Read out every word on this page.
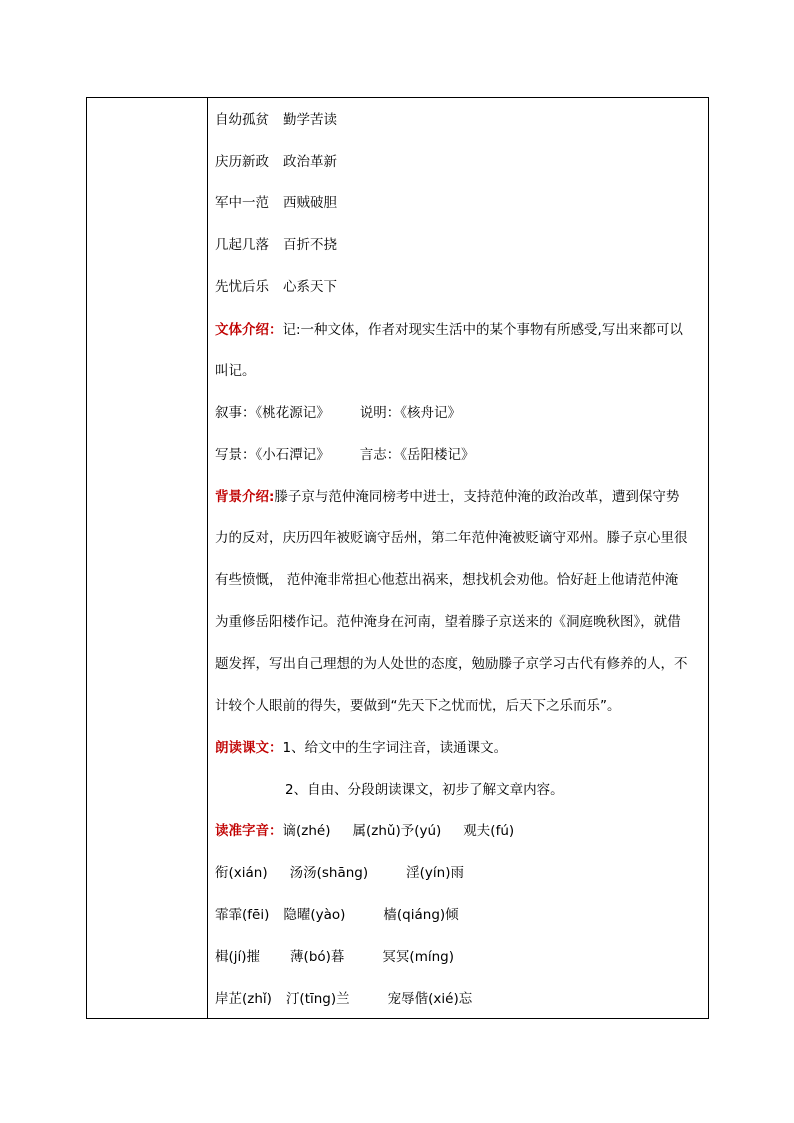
自幼孤贫 勤学苦读
庆历新政 政治革新
军中一范 西贼破胆
几起几落 百折不挠
先忧后乐 心系天下
文体介绍：记:一种文体，作者对现实生活中的某个事物有所感受,写出来都可以
叫记。
叙事：《桃花源记》 说明：《核舟记》
写景：《小石潭记》 言志：《岳阳楼记》
背景介绍:滕子京与范仲淹同榜考中进士，支持范仲淹的政治改革，遭到保守势
力的反对，庆历四年被贬谪守岳州，第二年范仲淹被贬谪守邓州。滕子京心里很
有些愤慨， 范仲淹非常担心他惹出祸来，想找机会劝他。恰好赶上他请范仲淹
为重修岳阳楼作记。范仲淹身在河南，望着滕子京送来的《洞庭晚秋图》，就借
题发挥，写出自己理想的为人处世的态度，勉励滕子京学习古代有修养的人，不
计较个人眼前的得失，要做到“先天下之忧而忧，后天下之乐而乐”。
朗读课文：1、给文中的生字词注音，读通课文。
2、自由、分段朗读课文，初步了解文章内容。
读准字音：谪(zhé) 属(zhǔ)予(yú) 观夫(fú)
衔(xián) 汤汤(shāng)	淫(yín)雨
霏霏(fēi) 隐曜(yào)	樯(qiáng)倾
楫(jí)摧 薄(bó)暮	冥冥(míng)
岸芷(zhǐ) 汀(tīng)兰	宠辱偕(xié)忘
